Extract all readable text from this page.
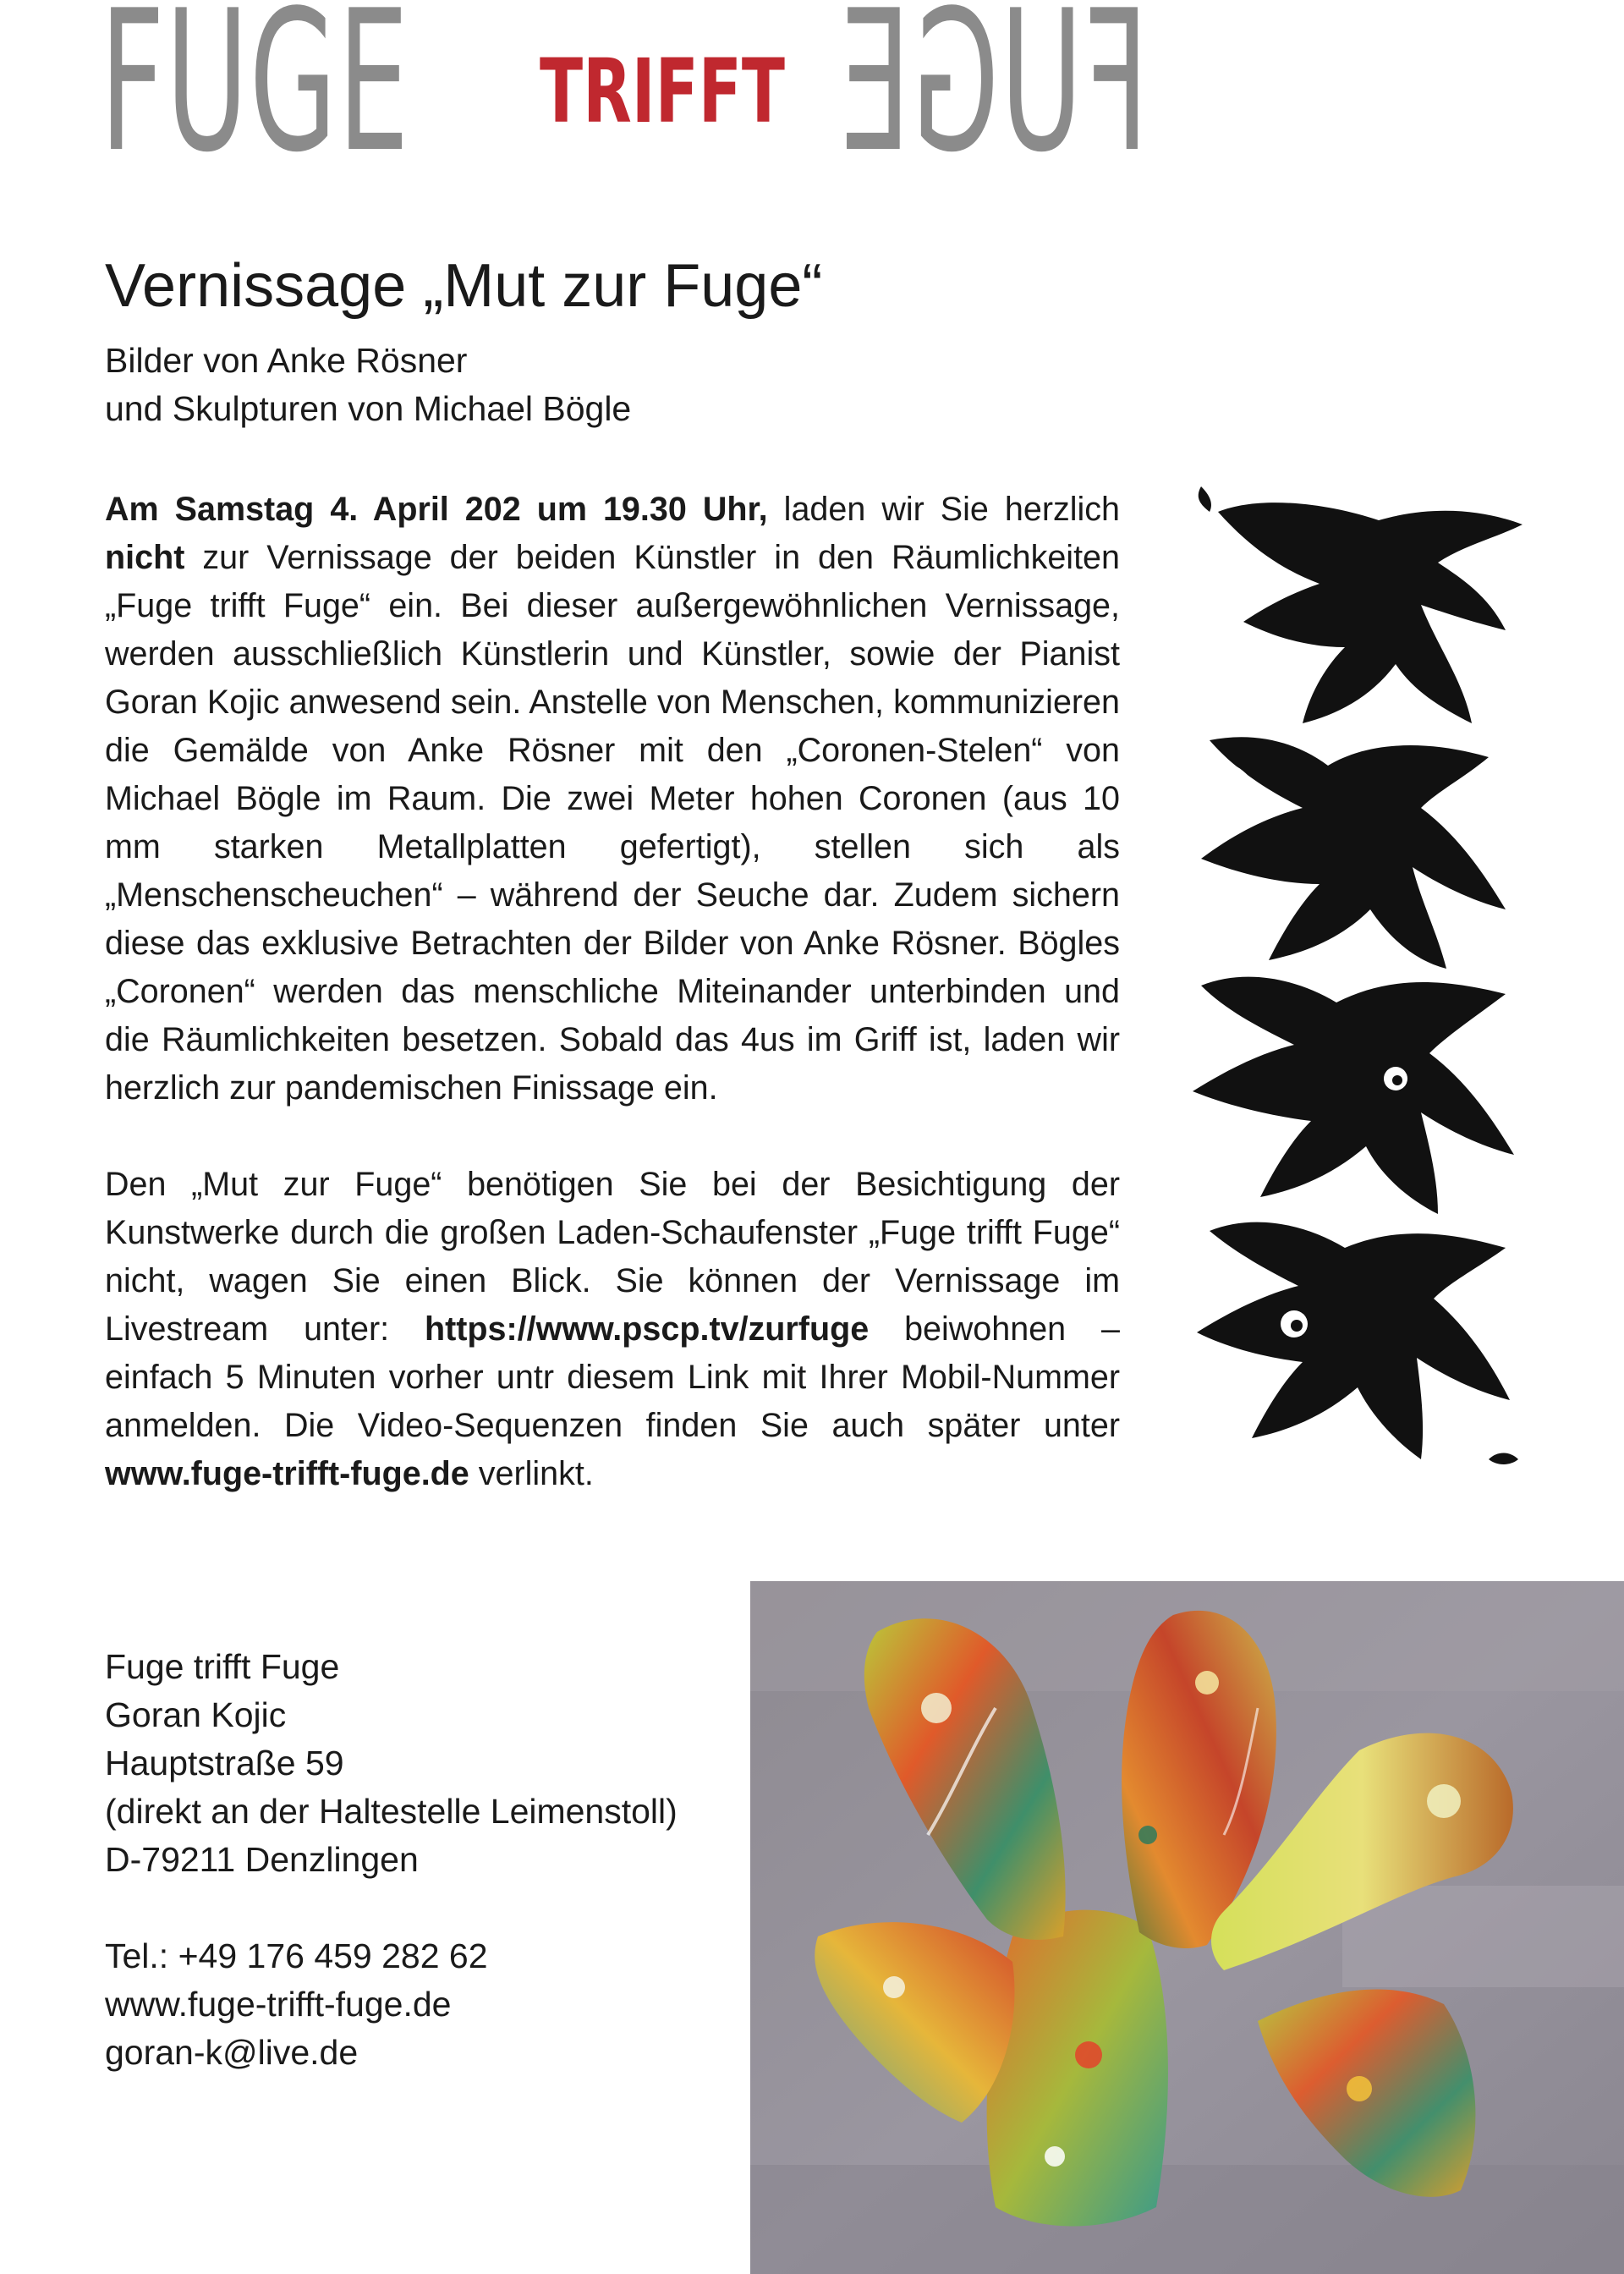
FUGE	TRIFFT FUGE
Vernissage „Mut zur Fuge“
Bilder von Anke Rösner
und Skulpturen von Michael Bögle

Am Samstag 4. April 202 um 19.30 Uhr, laden wir Sie herzlich nicht zur Vernissage der beiden Künstler in den Räumlichkeiten „Fuge trifft Fuge“ ein. Bei dieser außergewöhnlichen Vernissage, werden ausschließlich Künstlerin und Künstler, sowie der Pianist Goran Kojic anwesend sein. Anstelle von Menschen, kommunizieren die Gemälde von Anke Rösner mit den „Coronen-Stelen“ von Michael Bögle im Raum. Die zwei Meter hohen Coronen (aus 10 mm starken Metallplatten gefertigt), stellen sich als „Menschenscheuchen“ – während der Seuche dar. Zudem sichern diese das exklusive Betrachten der Bilder von Anke Rösner. Bögles „Coronen“ werden das menschliche Miteinander unterbinden und die Räumlichkeiten besetzen. Sobald das 4us im Griff ist, laden wir herzlich zur pandemischen Finissage ein.

Den „Mut zur Fuge“ benötigen Sie bei der Besichtigung der Kunstwerke durch die großen Laden-Schaufenster „Fuge trifft Fuge“ nicht, wagen Sie einen Blick. Sie können der Vernissage im Livestream unter: https://www.pscp.tv/zurfuge beiwohnen – einfach 5 Minuten vorher untr diesem Link mit Ihrer Mobil-Nummer anmelden. Die Video-Sequenzen finden Sie auch später unter www.fuge-trifft-fuge.de verlinkt.

Fuge trifft Fuge
Goran Kojic
Hauptstraße 59
(direkt an der Haltestelle Leimenstoll)
D-79211 Denzlingen
Tel.: +49 176 459 282 62
www.fuge-trifft-fuge.de
goran-k@live.de
